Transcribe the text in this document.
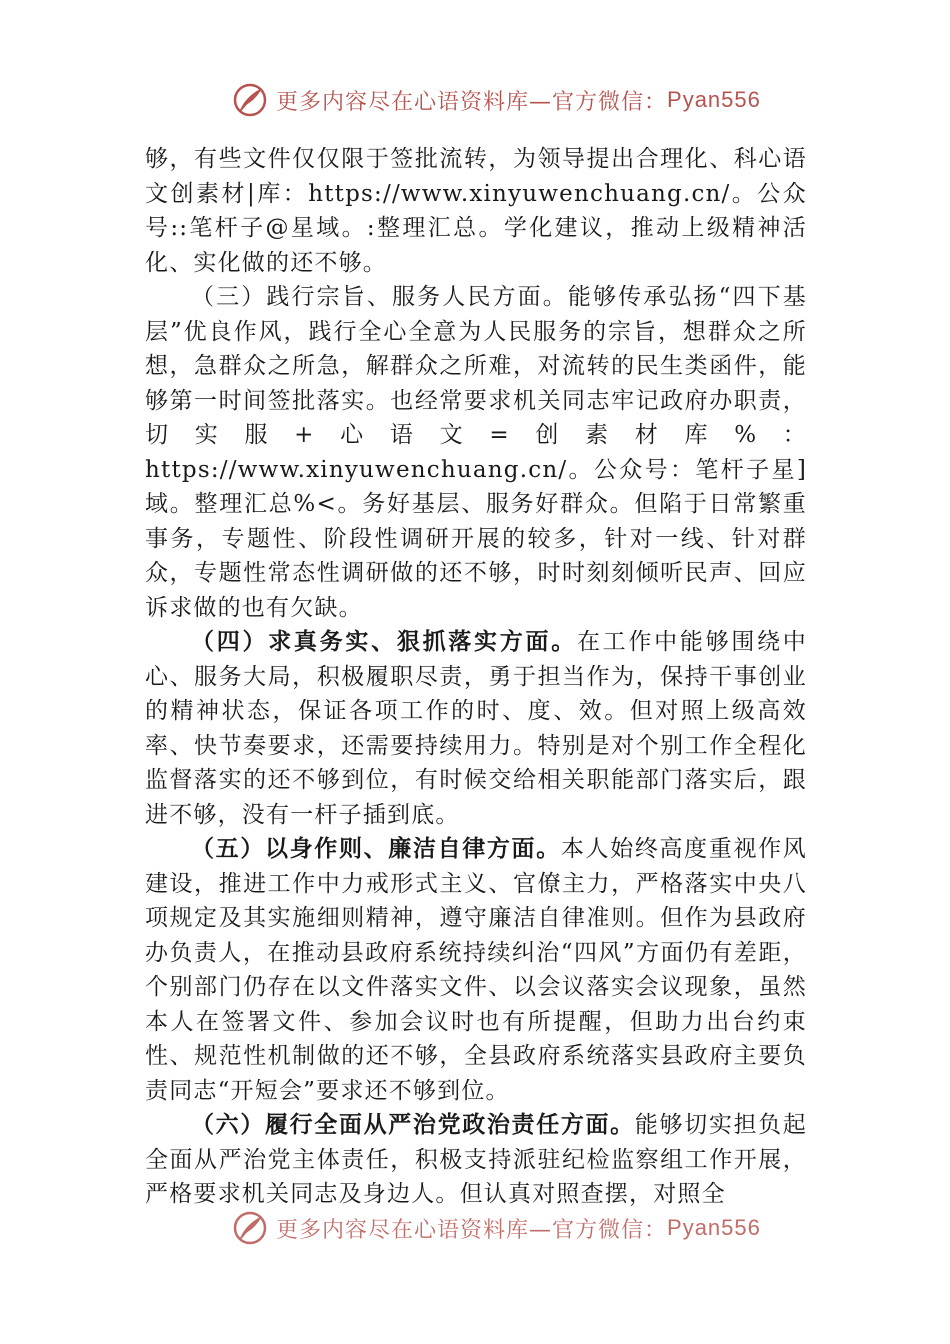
更多内容尽在心语资料库—官方微信： Pyan556

够，有些文件仅仅限于签批流转，为领导提出合理化、科心语文创素材|库：https://www.xinyuwenchuang.cn/。公众号::笔杆子@星域。:整理汇总。学化建议，推动上级精神活化、实化做的还不够。

（三）践行宗旨、服务人民方面。能够传承弘扬“四下基层”优良作风，践行全心全意为人民服务的宗旨，想群众之所想，急群众之所急，解群众之所难，对流转的民生类函件，能够第一时间签批落实。也经常要求机关同志牢记政府办职责，切实服+心语文=创素材库%：https://www.xinyuwenchuang.cn/。公众号：笔杆子星]域。整理汇总%<。务好基层、服务好群众。但陷于日常繁重事务，专题性、阶段性调研开展的较多，针对一线、针对群众，专题性常态性调研做的还不够，时时刻刻倾听民声、回应诉求做的也有欠缺。

（四）求真务实、狠抓落实方面。在工作中能够围绕中心、服务大局，积极履职尽责，勇于担当作为，保持干事创业的精神状态，保证各项工作的时、度、效。但对照上级高效率、快节奏要求，还需要持续用力。特别是对个别工作全程化监督落实的还不够到位，有时候交给相关职能部门落实后，跟进不够，没有一杆子插到底。

（五）以身作则、廉洁自律方面。本人始终高度重视作风建设，推进工作中力戒形式主义、官僚主力，严格落实中央八项规定及其实施细则精神，遵守廉洁自律准则。但作为县政府办负责人，在推动县政府系统持续纠治“四风”方面仍有差距，个别部门仍存在以文件落实文件、以会议落实会议现象，虽然本人在签署文件、参加会议时也有所提醒，但助力出台约束性、规范性机制做的还不够，全县政府系统落实县政府主要负责同志“开短会”要求还不够到位。

（六）履行全面从严治党政治责任方面。能够切实担负起全面从严治党主体责任，积极支持派驻纪检监察组工作开展，严格要求机关同志及身边人。但认真对照查摆，对照全

更多内容尽在心语资料库—官方微信： Pyan556
